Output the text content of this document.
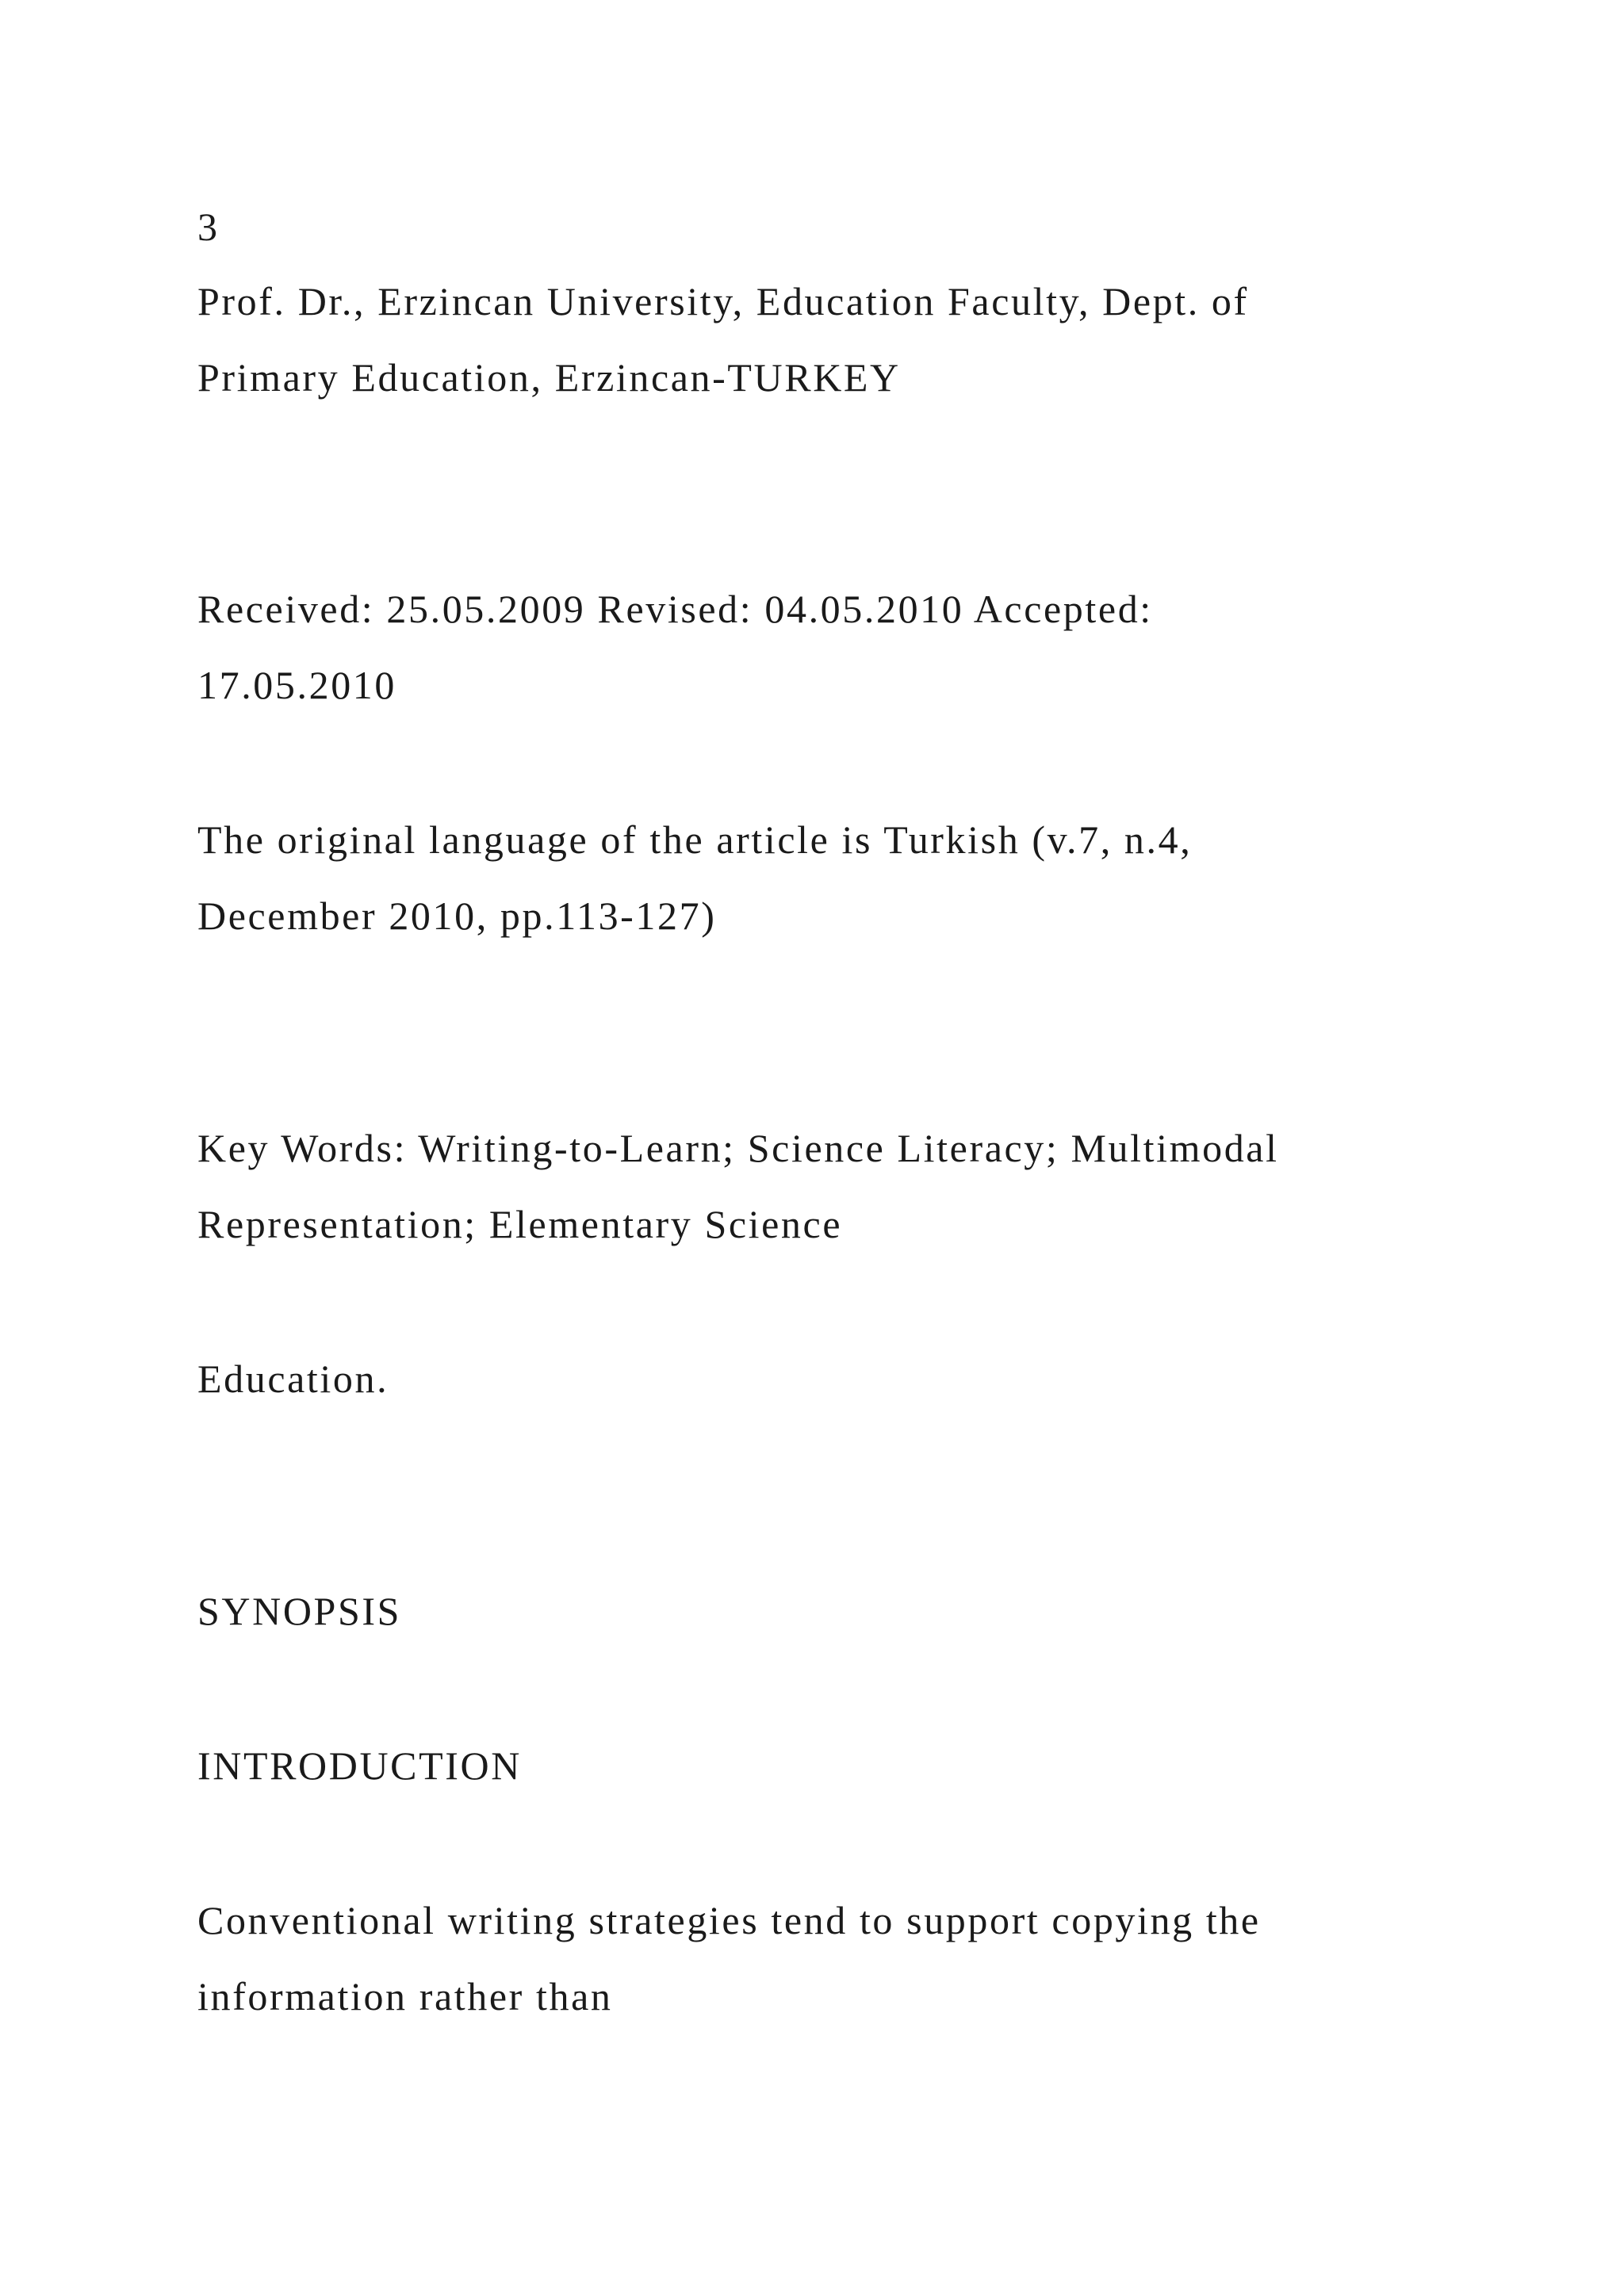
3
Prof. Dr., Erzincan University, Education Faculty, Dept. of
Primary Education, Erzincan-TURKEY
Received: 25.05.2009 Revised: 04.05.2010 Accepted:
17.05.2010
The original language of the article is Turkish (v.7, n.4,
December 2010, pp.113-127)
Key Words: Writing-to-Learn; Science Literacy; Multimodal
Representation; Elementary Science
Education.
SYNOPSIS
INTRODUCTION
Conventional writing strategies tend to support copying the
information rather than
